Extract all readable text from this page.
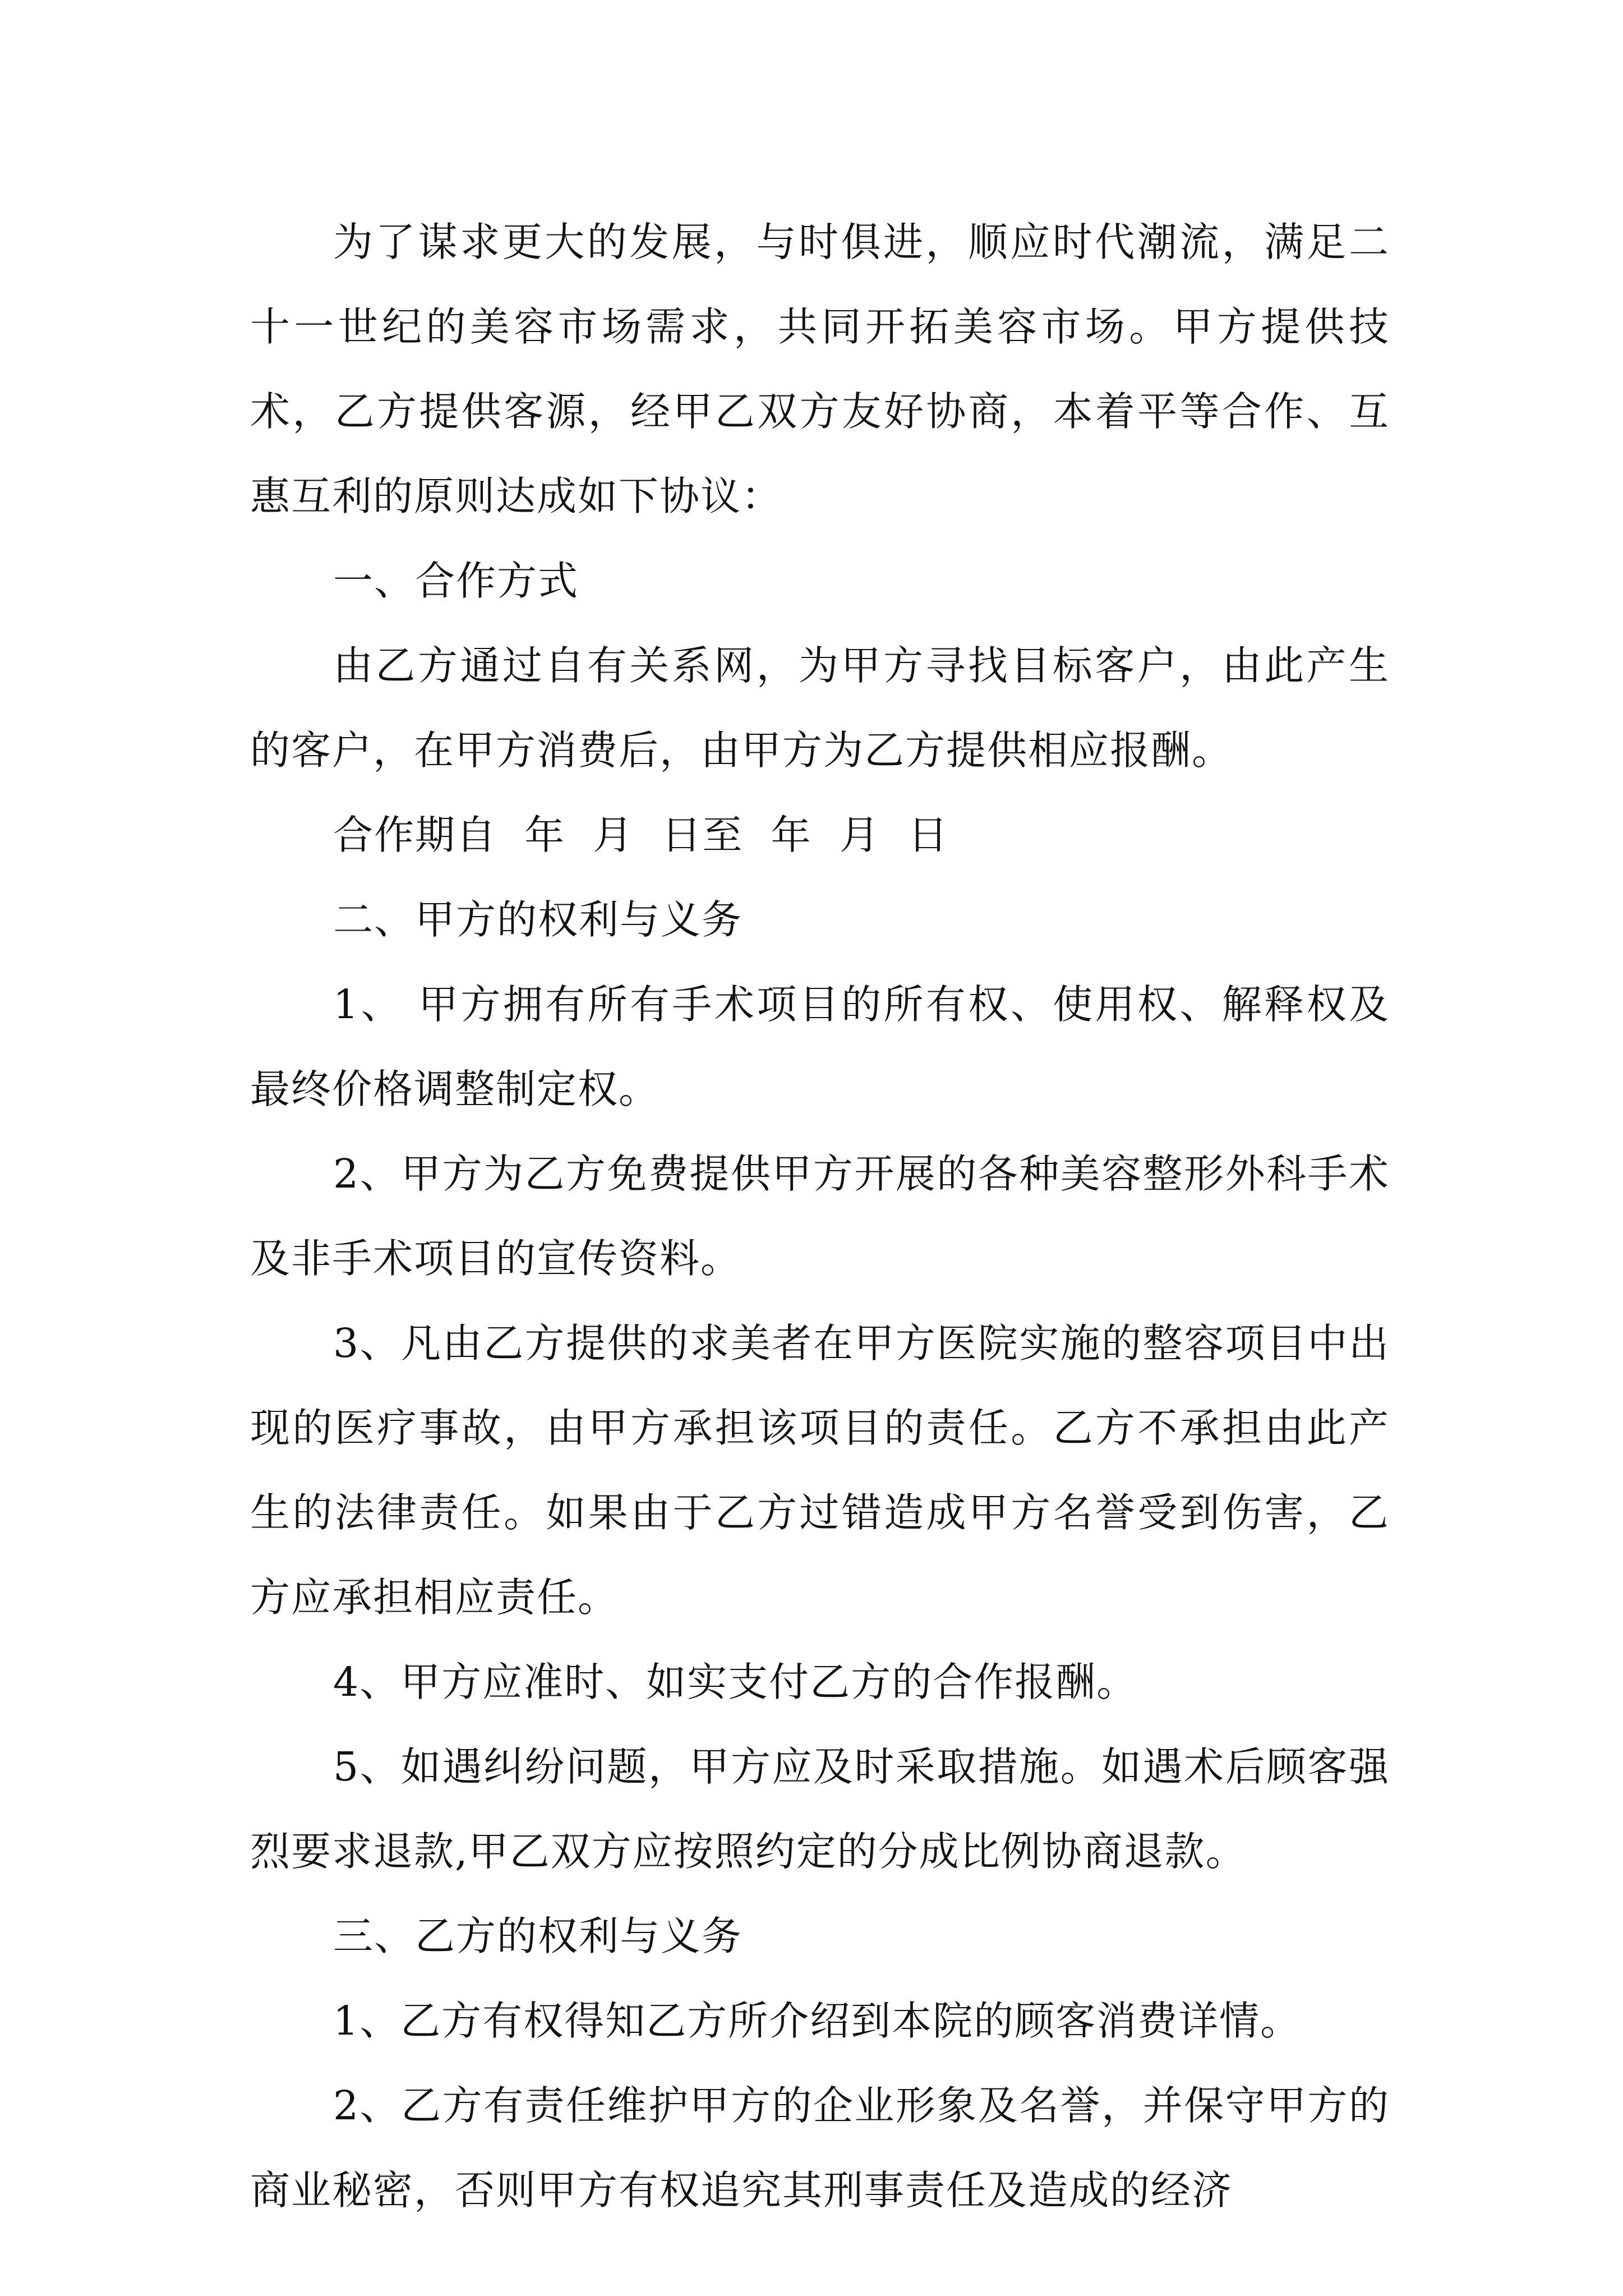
为了谋求更大的发展，与时俱进，顺应时代潮流，满足二十一世纪的美容市场需求，共同开拓美容市场。甲方提供技术，乙方提供客源，经甲乙双方友好协商，本着平等合作、互惠互利的原则达成如下协议：

一、合作方式

由乙方通过自有关系网，为甲方寻找目标客户，由此产生的客户，在甲方消费后，由甲方为乙方提供相应报酬。

合作期自  年  月  日至  年  月  日

二、甲方的权利与义务

1、 甲方拥有所有手术项目的所有权、使用权、解释权及最终价格调整制定权。

2、甲方为乙方免费提供甲方开展的各种美容整形外科手术及非手术项目的宣传资料。

3、凡由乙方提供的求美者在甲方医院实施的整容项目中出现的医疗事故，由甲方承担该项目的责任。乙方不承担由此产生的法律责任。如果由于乙方过错造成甲方名誉受到伤害，乙方应承担相应责任。

4、甲方应准时、如实支付乙方的合作报酬。

5、如遇纠纷问题，甲方应及时采取措施。如遇术后顾客强烈要求退款,甲乙双方应按照约定的分成比例协商退款。

三、乙方的权利与义务

1、乙方有权得知乙方所介绍到本院的顾客消费详情。

2、乙方有责任维护甲方的企业形象及名誉，并保守甲方的商业秘密，否则甲方有权追究其刑事责任及造成的经济
